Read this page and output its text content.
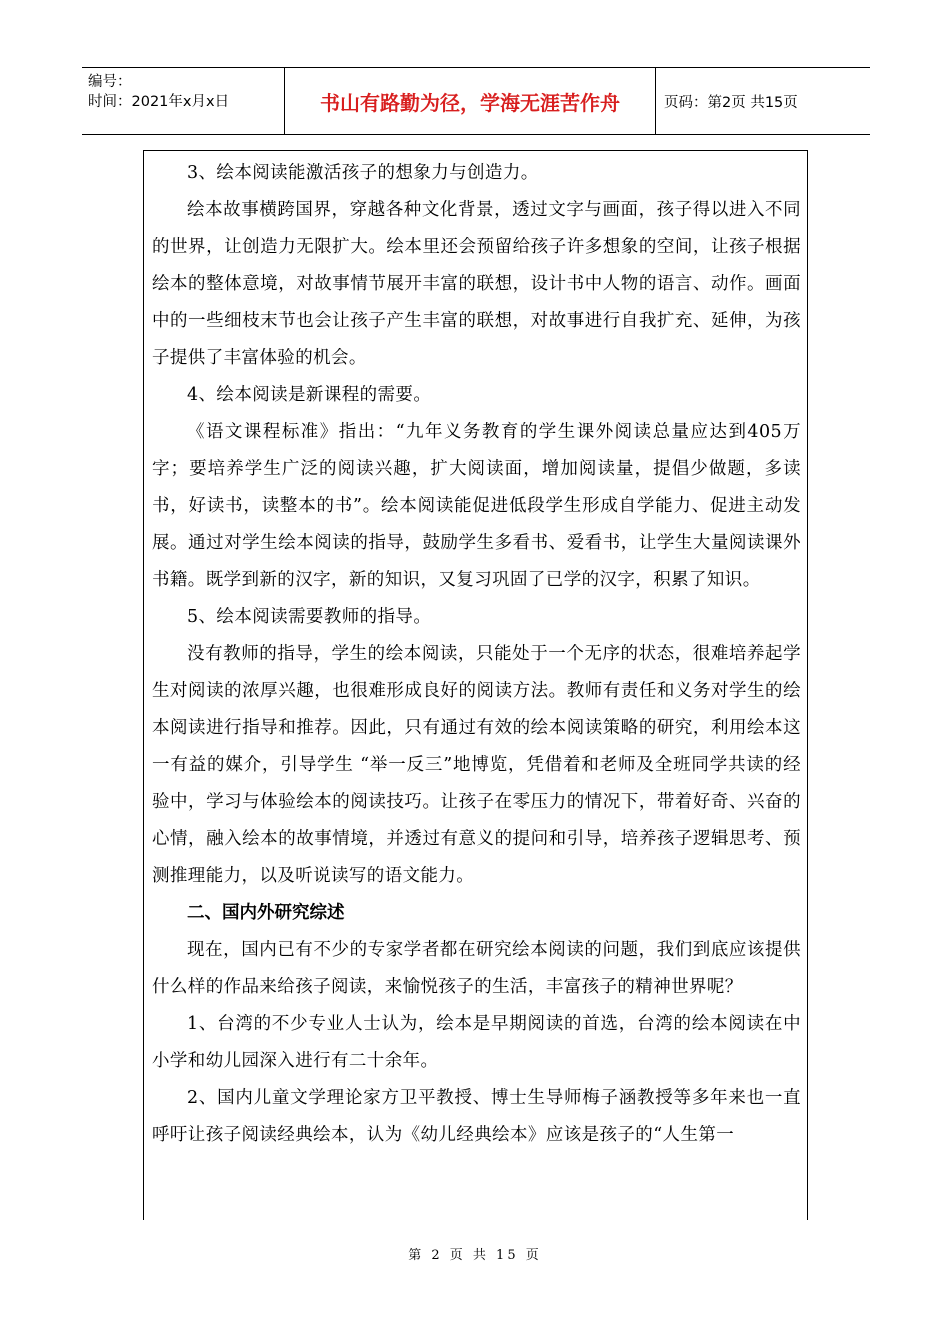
编号：
时间：2021年x月x日	书山有路勤为径，学海无涯苦作舟	页码：第2页 共15页

3、绘本阅读能激活孩子的想象力与创造力。

绘本故事横跨国界，穿越各种文化背景，透过文字与画面，孩子得以进入不同的世界，让创造力无限扩大。绘本里还会预留给孩子许多想象的空间，让孩子根据绘本的整体意境，对故事情节展开丰富的联想，设计书中人物的语言、动作。画面中的一些细枝末节也会让孩子产生丰富的联想，对故事进行自我扩充、延伸，为孩子提供了丰富体验的机会。

4、绘本阅读是新课程的需要。

《语文课程标准》指出：“九年义务教育的学生课外阅读总量应达到405万字；要培养学生广泛的阅读兴趣，扩大阅读面，增加阅读量，提倡少做题，多读书，好读书，读整本的书”。绘本阅读能促进低段学生形成自学能力、促进主动发展。通过对学生绘本阅读的指导，鼓励学生多看书、爱看书，让学生大量阅读课外书籍。既学到新的汉字，新的知识，又复习巩固了已学的汉字，积累了知识。

5、绘本阅读需要教师的指导。

没有教师的指导，学生的绘本阅读，只能处于一个无序的状态，很难培养起学生对阅读的浓厚兴趣，也很难形成良好的阅读方法。教师有责任和义务对学生的绘本阅读进行指导和推荐。因此，只有通过有效的绘本阅读策略的研究，利用绘本这一有益的媒介，引导学生 “举一反三”地博览，凭借着和老师及全班同学共读的经验中，学习与体验绘本的阅读技巧。让孩子在零压力的情况下，带着好奇、兴奋的心情，融入绘本的故事情境，并透过有意义的提问和引导，培养孩子逻辑思考、预测推理能力，以及听说读写的语文能力。

二、国内外研究综述

现在，国内已有不少的专家学者都在研究绘本阅读的问题，我们到底应该提供什么样的作品来给孩子阅读，来愉悦孩子的生活，丰富孩子的精神世界呢？

1、台湾的不少专业人士认为，绘本是早期阅读的首选，台湾的绘本阅读在中小学和幼儿园深入进行有二十余年。

2、国内儿童文学理论家方卫平教授、博士生导师梅子涵教授等多年来也一直呼吁让孩子阅读经典绘本，认为《幼儿经典绘本》应该是孩子的“人生第一

第 2 页 共 15 页
